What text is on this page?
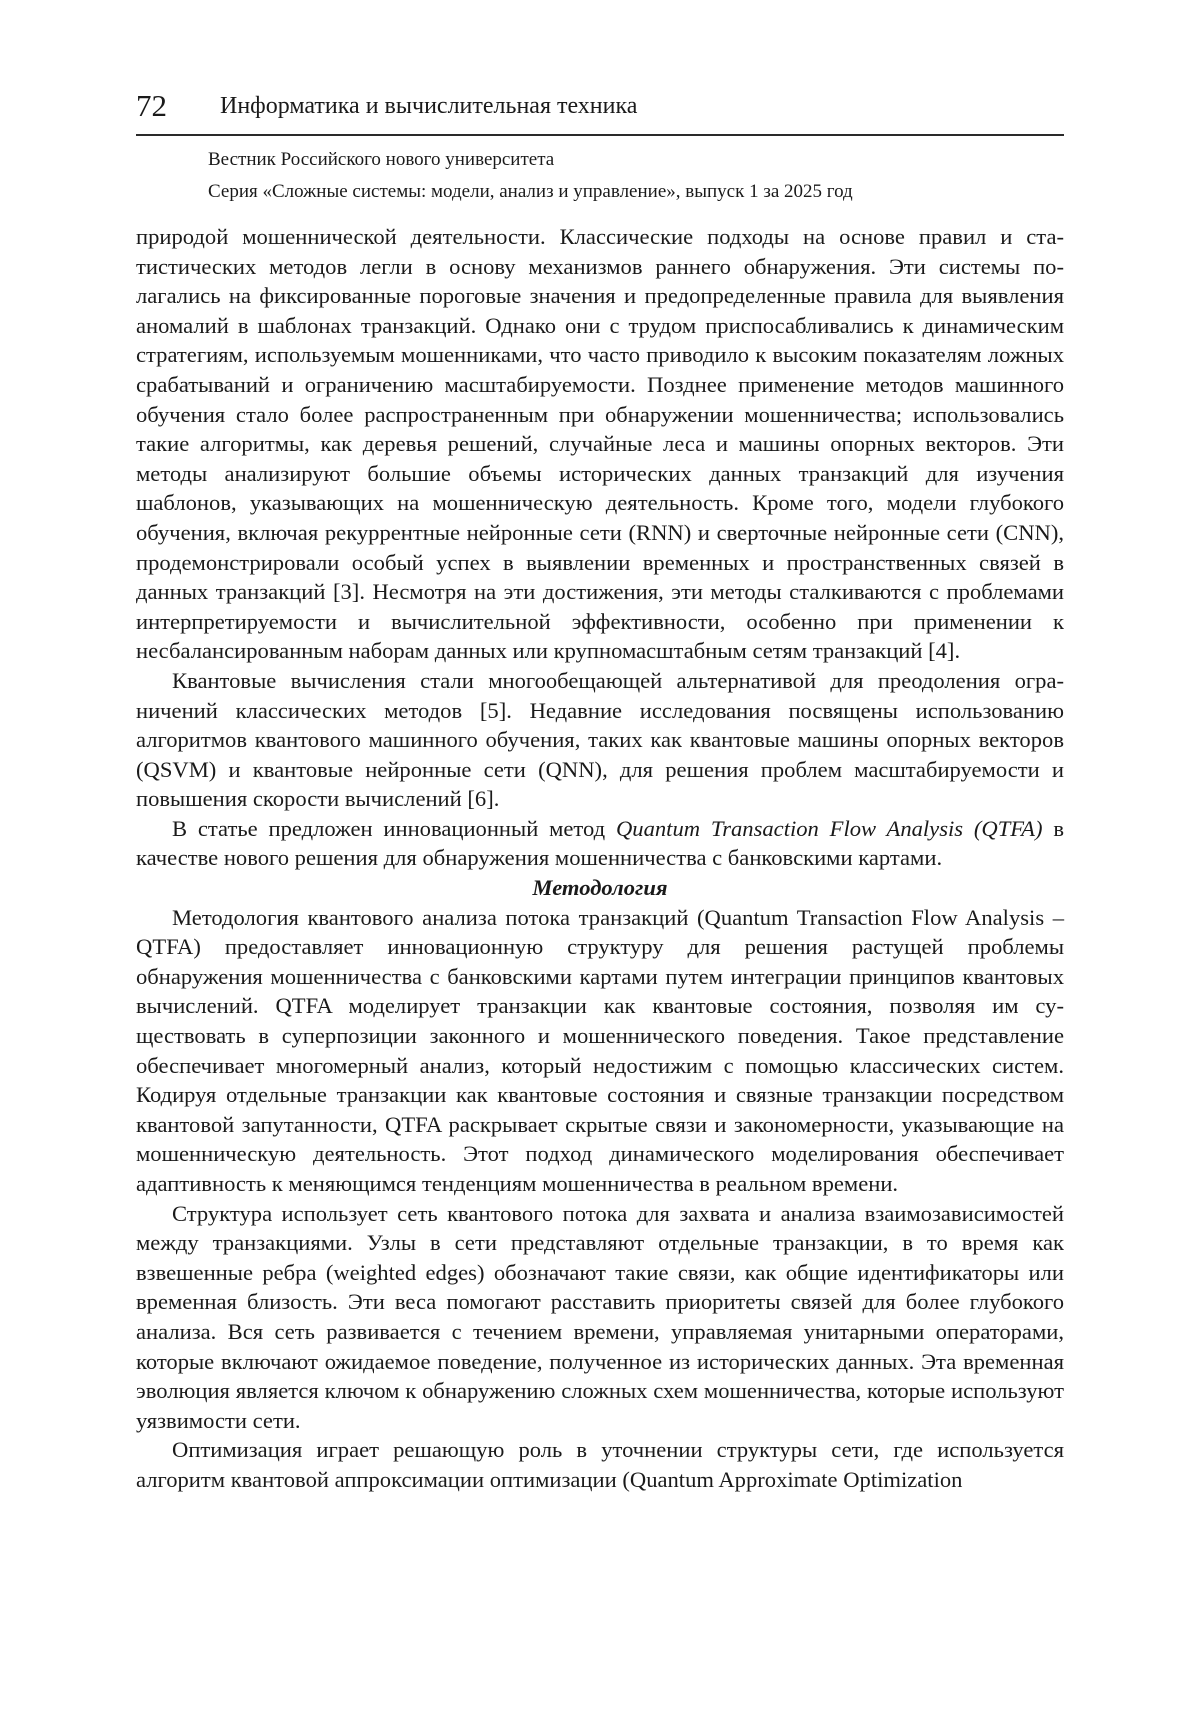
72 Информатика и вычислительная техника
Вестник Российского нового университета
Серия «Сложные системы: модели, анализ и управление», выпуск 1 за 2025 год

природой мошеннической деятельности. Классические подходы на основе правил и статистических методов легли в основу механизмов раннего обнаружения. Эти системы полагались на фиксированные пороговые значения и предопределенные правила для выявления аномалий в шаблонах транзакций. Однако они с трудом приспосабливались к динамическим стратегиям, используемым мошенниками, что часто приводило к высоким показателям ложных срабатываний и ограничению масштабируемости. Позднее применение методов машинного обучения стало более распространенным при обнаружении мошенничества; использовались такие алгоритмы, как деревья решений, случайные леса и машины опорных векторов. Эти методы анализируют большие объемы исторических данных транзакций для изучения шаблонов, указывающих на мошенническую деятельность. Кроме того, модели глубокого обучения, включая рекуррентные нейронные сети (RNN) и сверточные нейронные сети (CNN), продемонстрировали особый успех в выявлении временных и пространственных связей в данных транзакций [3]. Несмотря на эти достижения, эти методы сталкиваются с проблемами интерпретируемости и вычислительной эффективности, особенно при применении к несбалансированным наборам данных или крупномасштабным сетям транзакций [4].

Квантовые вычисления стали многообещающей альтернативой для преодоления ограничений классических методов [5]. Недавние исследования посвящены использованию алгоритмов квантового машинного обучения, таких как квантовые машины опорных векторов (QSVM) и квантовые нейронные сети (QNN), для решения проблем масштабируемости и повышения скорости вычислений [6].

В статье предложен инновационный метод Quantum Transaction Flow Analysis (QTFA) в качестве нового решения для обнаружения мошенничества с банковскими картами.

Методология

Методология квантового анализа потока транзакций (Quantum Transaction Flow Analysis – QTFA) предоставляет инновационную структуру для решения растущей проблемы обнаружения мошенничества с банковскими картами путем интеграции принципов квантовых вычислений. QTFA моделирует транзакции как квантовые состояния, позволяя им существовать в суперпозиции законного и мошеннического поведения. Такое представление обеспечивает многомерный анализ, который недостижим с помощью классических систем. Кодируя отдельные транзакции как квантовые состояния и связные транзакции посредством квантовой запутанности, QTFA раскрывает скрытые связи и закономерности, указывающие на мошенническую деятельность. Этот подход динамического моделирования обеспечивает адаптивность к меняющимся тенденциям мошенничества в реальном времени.

Структура использует сеть квантового потока для захвата и анализа взаимозависимостей между транзакциями. Узлы в сети представляют отдельные транзакции, в то время как взвешенные ребра (weighted edges) обозначают такие связи, как общие идентификаторы или временная близость. Эти веса помогают расставить приоритеты связей для более глубокого анализа. Вся сеть развивается с течением времени, управляемая унитарными операторами, которые включают ожидаемое поведение, полученное из исторических данных. Эта временная эволюция является ключом к обнаружению сложных схем мошенничества, которые используют уязвимости сети.

Оптимизация играет решающую роль в уточнении структуры сети, где используется алгоритм квантовой аппроксимации оптимизации (Quantum Approximate Optimization
